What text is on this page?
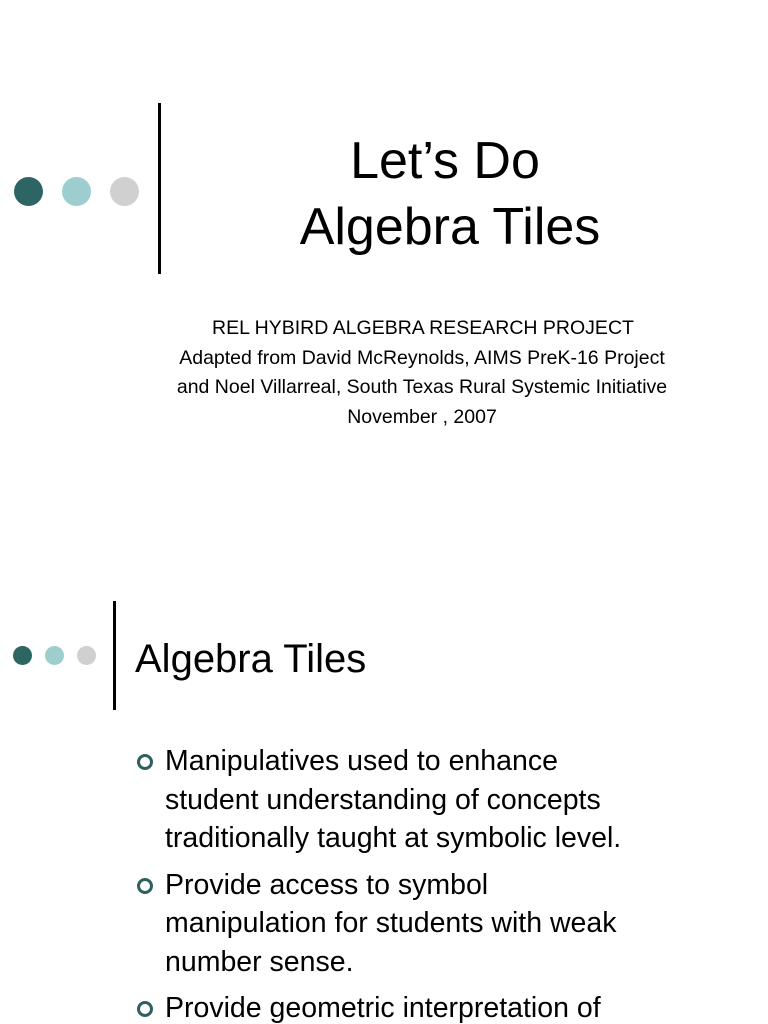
Let’s Do
Algebra Tiles
REL HYBIRD ALGEBRA RESEARCH PROJECT
Adapted from David McReynolds, AIMS PreK-16 Project
and Noel Villarreal, South Texas Rural Systemic Initiative
November , 2007
Algebra Tiles
Manipulatives used to enhance
student understanding of concepts
traditionally taught at symbolic level.
Provide access to symbol
manipulation for students with weak
number sense.
Provide geometric interpretation of
